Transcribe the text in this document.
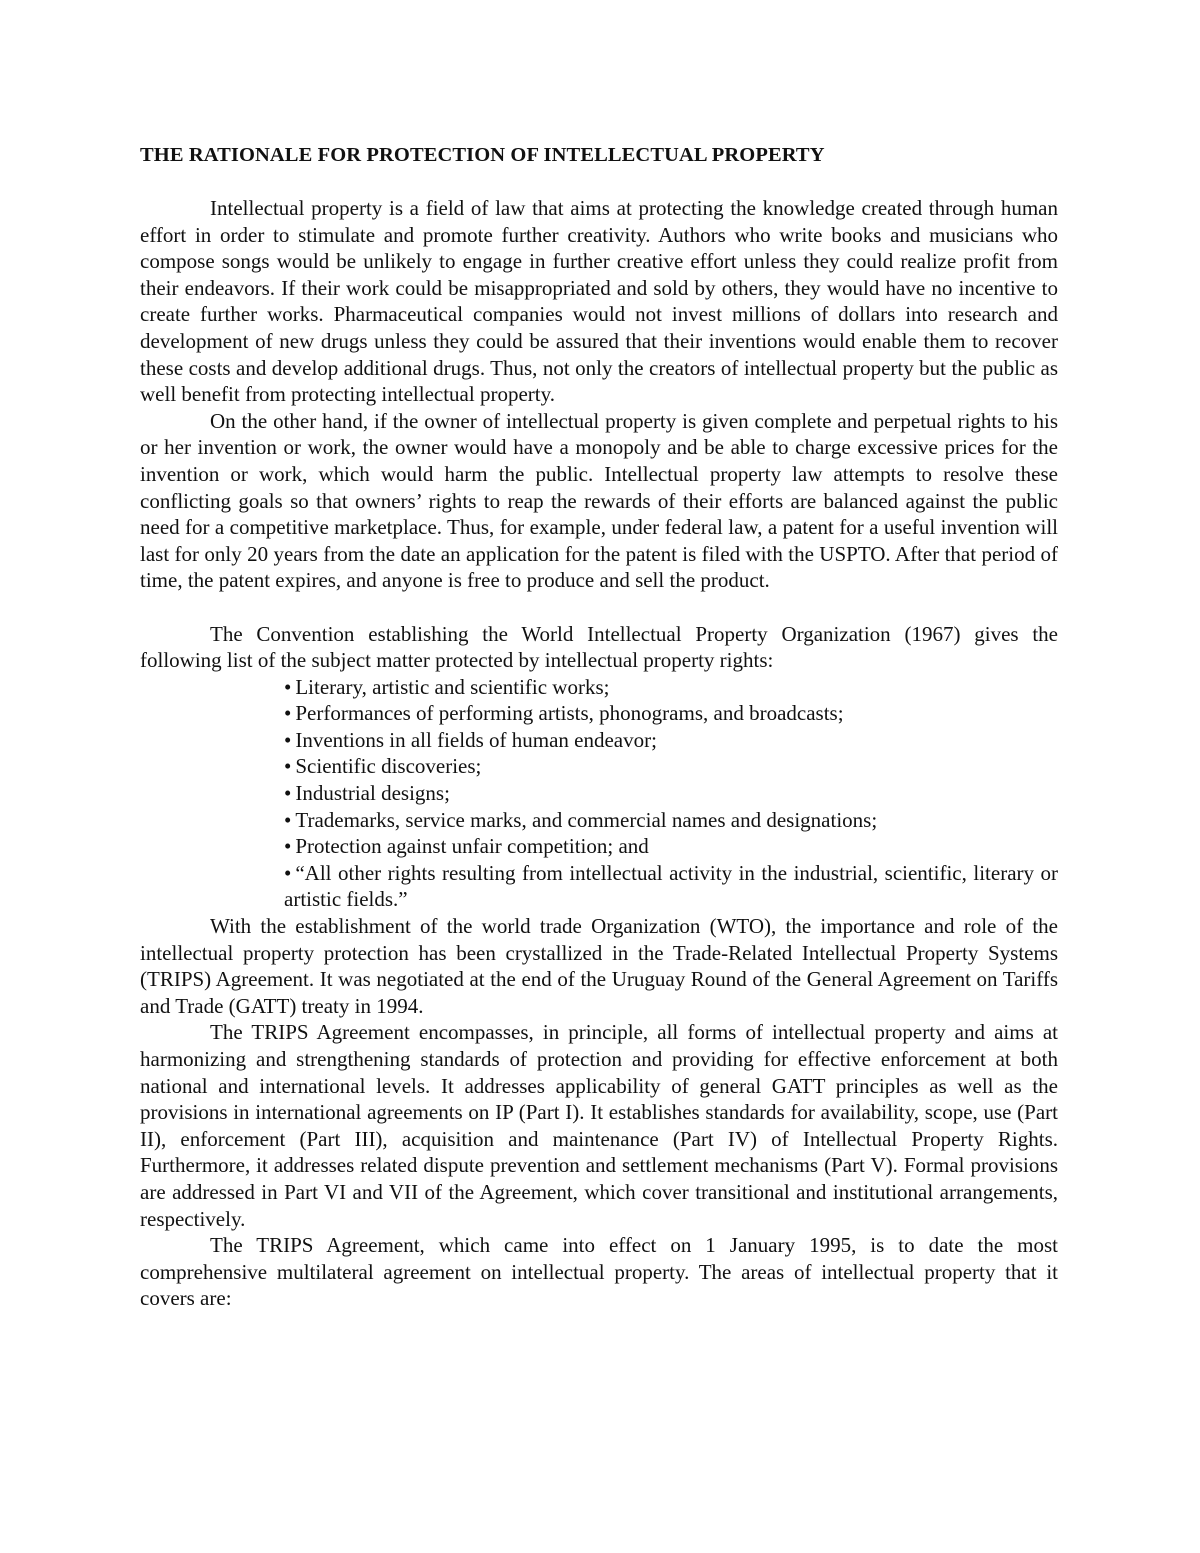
THE RATIONALE FOR PROTECTION OF INTELLECTUAL PROPERTY

Intellectual property is a field of law that aims at protecting the knowledge created through human effort in order to stimulate and promote further creativity. Authors who write books and musicians who compose songs would be unlikely to engage in further creative effort unless they could realize profit from their endeavors. If their work could be misappropriated and sold by others, they would have no incentive to create further works. Pharmaceutical companies would not invest millions of dollars into research and development of new drugs unless they could be assured that their inventions would enable them to recover these costs and develop additional drugs. Thus, not only the creators of intellectual property but the public as well benefit from protecting intellectual property.

On the other hand, if the owner of intellectual property is given complete and perpetual rights to his or her invention or work, the owner would have a monopoly and be able to charge excessive prices for the invention or work, which would harm the public. Intellectual property law attempts to resolve these conflicting goals so that owners’ rights to reap the rewards of their efforts are balanced against the public need for a competitive marketplace. Thus, for example, under federal law, a patent for a useful invention will last for only 20 years from the date an application for the patent is filed with the USPTO. After that period of time, the patent expires, and anyone is free to produce and sell the product.

The Convention establishing the World Intellectual Property Organization (1967) gives the following list of the subject matter protected by intellectual property rights:

• Literary, artistic and scientific works;
• Performances of performing artists, phonograms, and broadcasts;
• Inventions in all fields of human endeavor;
• Scientific discoveries;
• Industrial designs;
• Trademarks, service marks, and commercial names and designations;
• Protection against unfair competition; and
• “All other rights resulting from intellectual activity in the industrial, scientific, literary or artistic fields.”

With the establishment of the world trade Organization (WTO), the importance and role of the intellectual property protection has been crystallized in the Trade-Related Intellectual Property Systems (TRIPS) Agreement. It was negotiated at the end of the Uruguay Round of the General Agreement on Tariffs and Trade (GATT) treaty in 1994.

The TRIPS Agreement encompasses, in principle, all forms of intellectual property and aims at harmonizing and strengthening standards of protection and providing for effective enforcement at both national and international levels. It addresses applicability of general GATT principles as well as the provisions in international agreements on IP (Part I). It establishes standards for availability, scope, use (Part II), enforcement (Part III), acquisition and maintenance (Part IV) of Intellectual Property Rights. Furthermore, it addresses related dispute prevention and settlement mechanisms (Part V). Formal provisions are addressed in Part VI and VII of the Agreement, which cover transitional and institutional arrangements, respectively.

The TRIPS Agreement, which came into effect on 1 January 1995, is to date the most comprehensive multilateral agreement on intellectual property. The areas of intellectual property that it covers are:
